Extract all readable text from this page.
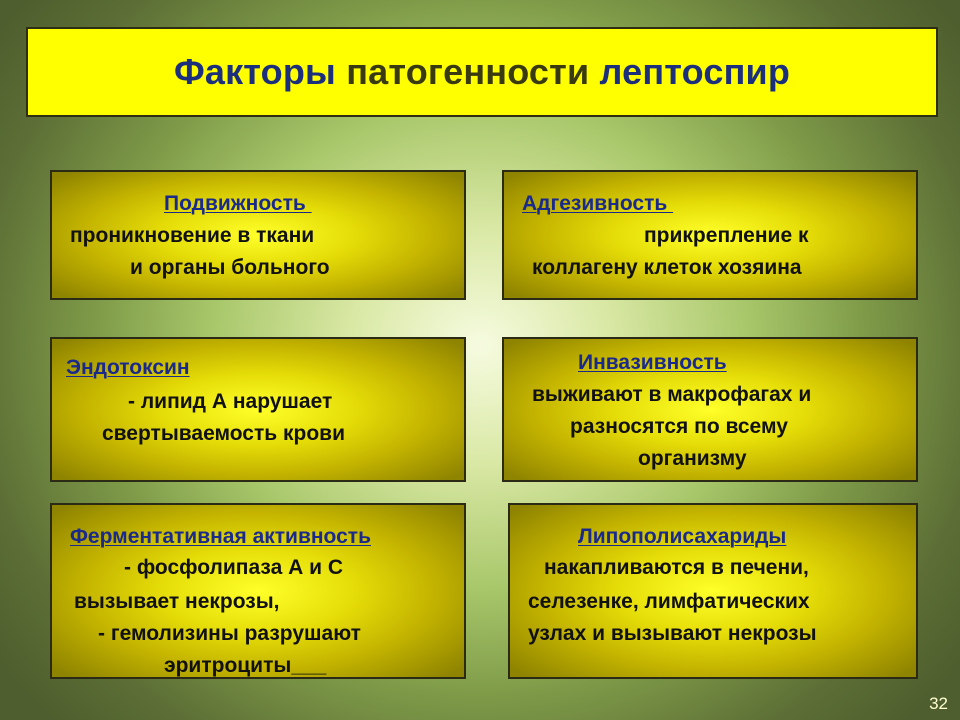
Факторы патогенности лептоспир
Подвижность
проникновение в ткани
и органы больного
Адгезивность
прикрепление к
коллагену клеток хозяина
Эндотоксин
- липид А нарушает
свертываемость крови
Инвазивность
выживают в макрофагах и
разносятся по всему
организму
Ферментативная активность
- фосфолипаза А и С
вызывает некрозы,
- гемолизины разрушают
эритроциты___
Липополисахариды
накапливаются в печени,
селезенке, лимфатических
узлах и вызывают некрозы
32
